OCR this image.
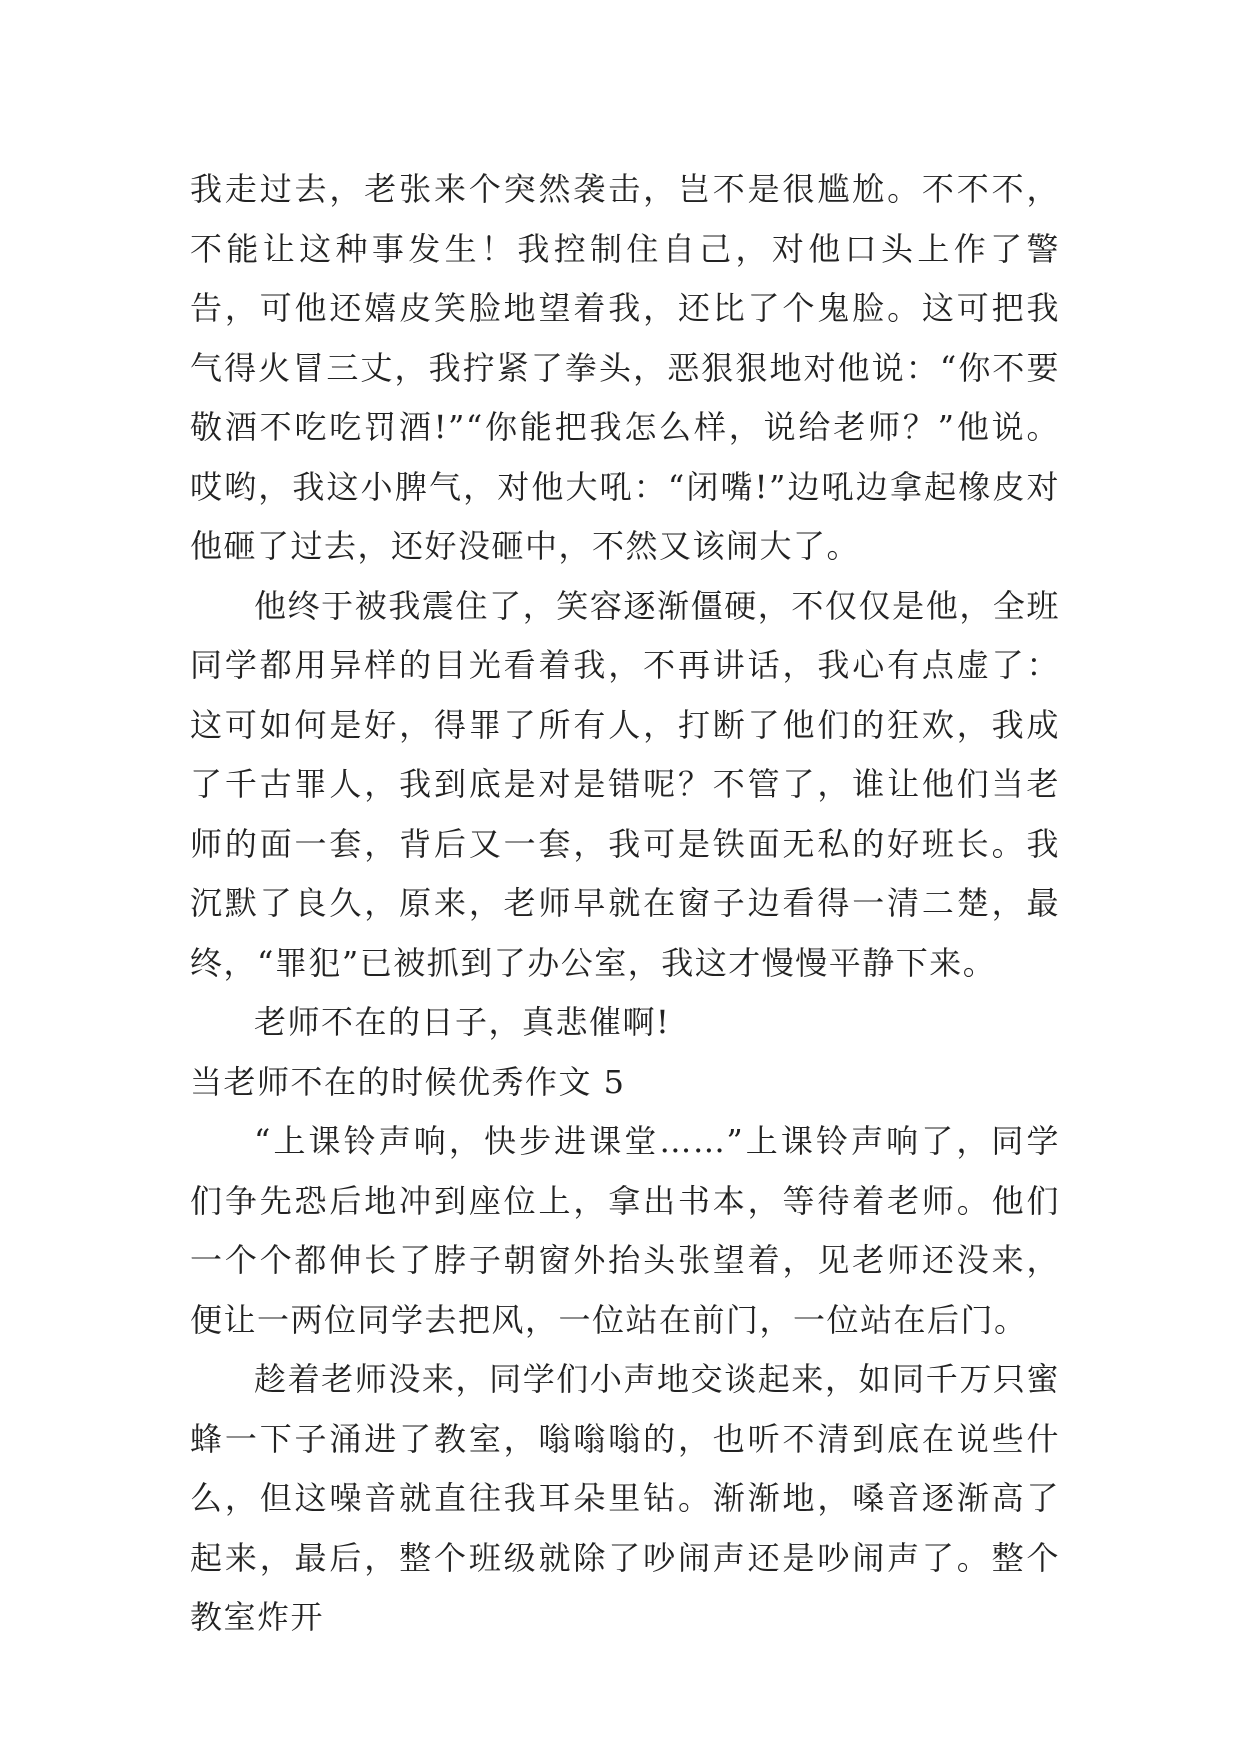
我走过去，老张来个突然袭击，岂不是很尴尬。不不不，不能让这种事发生！我控制住自己，对他口头上作了警告，可他还嬉皮笑脸地望着我，还比了个鬼脸。这可把我气得火冒三丈，我拧紧了拳头，恶狠狠地对他说：“你不要敬酒不吃吃罚酒!”“你能把我怎么样，说给老师？”他说。哎哟，我这小脾气，对他大吼：“闭嘴!”边吼边拿起橡皮对他砸了过去，还好没砸中，不然又该闹大了。

他终于被我震住了，笑容逐渐僵硬，不仅仅是他，全班同学都用异样的目光看着我，不再讲话，我心有点虚了：这可如何是好，得罪了所有人，打断了他们的狂欢，我成了千古罪人，我到底是对是错呢？不管了，谁让他们当老师的面一套，背后又一套，我可是铁面无私的好班长。我沉默了良久，原来，老师早就在窗子边看得一清二楚，最终，“罪犯”已被抓到了办公室，我这才慢慢平静下来。

老师不在的日子，真悲催啊!

当老师不在的时候优秀作文 5

“上课铃声响，快步进课堂……”上课铃声响了，同学们争先恐后地冲到座位上，拿出书本，等待着老师。他们一个个都伸长了脖子朝窗外抬头张望着，见老师还没来，便让一两位同学去把风，一位站在前门，一位站在后门。

趁着老师没来，同学们小声地交谈起来，如同千万只蜜蜂一下子涌进了教室，嗡嗡嗡的，也听不清到底在说些什么，但这噪音就直往我耳朵里钻。渐渐地，嗓音逐渐高了起来，最后，整个班级就除了吵闹声还是吵闹声了。整个教室炸开
